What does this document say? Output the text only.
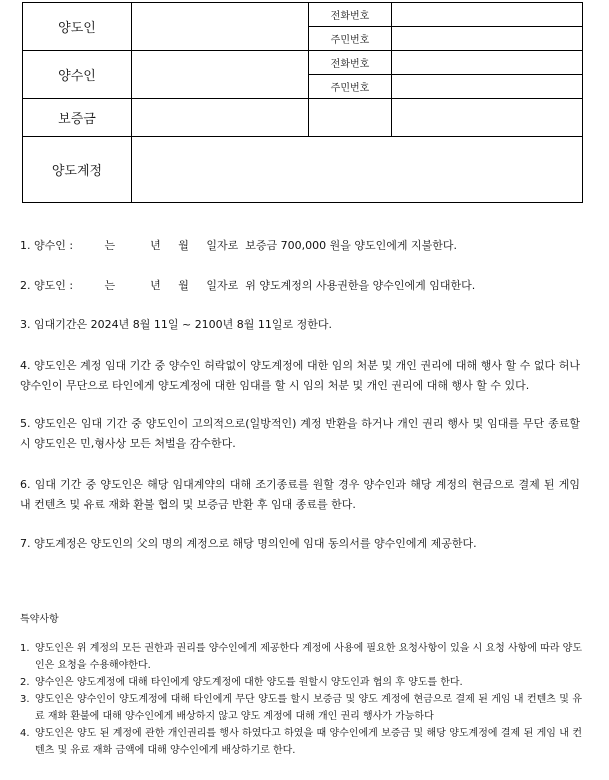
양도인		전화번호	
		주민번호	
양수인		전화번호	
		주민번호	
보증금			
양도계정			

1. 양수인 :         는          년     월     일자로  보증금 700,000 원을 양도인에게 지불한다.

2. 양도인 :         는          년     월     일자로  위 양도계정의 사용권한을 양수인에게 임대한다.

3. 임대기간은 2024년 8월 11일 ~ 2100년 8월 11일로 정한다.

4. 양도인은 계정 임대 기간 중 양수인 허락없이 양도계정에 대한 임의 처분 및 개인 권리에 대해 행사 할 수 없다 허나 양수인이 무단으로 타인에게 양도계정에 대한 임대를 할 시 임의 처분 및 개인 권리에 대해 행사 할 수 있다.

5. 양도인은 임대 기간 중 양도인이 고의적으로(일방적인) 계정 반환을 하거나 개인 권리 행사 및 임대를 무단 종료할시 양도인은 민,형사상 모든 처벌을 감수한다.

6. 임대 기간 중 양도인은 해당 임대계약의 대해 조기종료를 원할 경우 양수인과 해당 계정의 현금으로 결제 된 게임 내 컨텐츠 및 유료 재화 환불 협의 및 보증금 반환 후 임대 종료를 한다.

7. 양도계정은 양도인의 父의 명의 계정으로 해당 명의인에 임대 동의서를 양수인에게 제공한다.

특약사항
1. 양도인은 위 계정의 모든 권한과 권리를 양수인에게 제공한다 계정에 사용에 필요한 요청사항이 있을 시 요청 사항에 따라 양도인은 요청을 수용해야한다.
2. 양수인은 양도계정에 대해 타인에게 양도계정에 대한 양도를 원할시 양도인과 협의 후 양도를 한다.
3. 양도인은 양수인이 양도계정에 대해 타인에게 무단 양도를 할시 보증금 및 양도 계정에 현금으로 결제 된 게임 내 컨텐츠 및 유료 재화 환불에 대해 양수인에게 배상하지 않고 양도 계정에 대해 개인 권리 행사가 가능하다
4. 양도인은 양도 된 계정에 관한 개인권리를 행사 하였다고 하였을 때 양수인에게 보증금 및 해당 양도계정에 결제 된 게임 내 컨텐츠 및 유료 재화 금액에 대해 양수인에게 배상하기로 한다.
